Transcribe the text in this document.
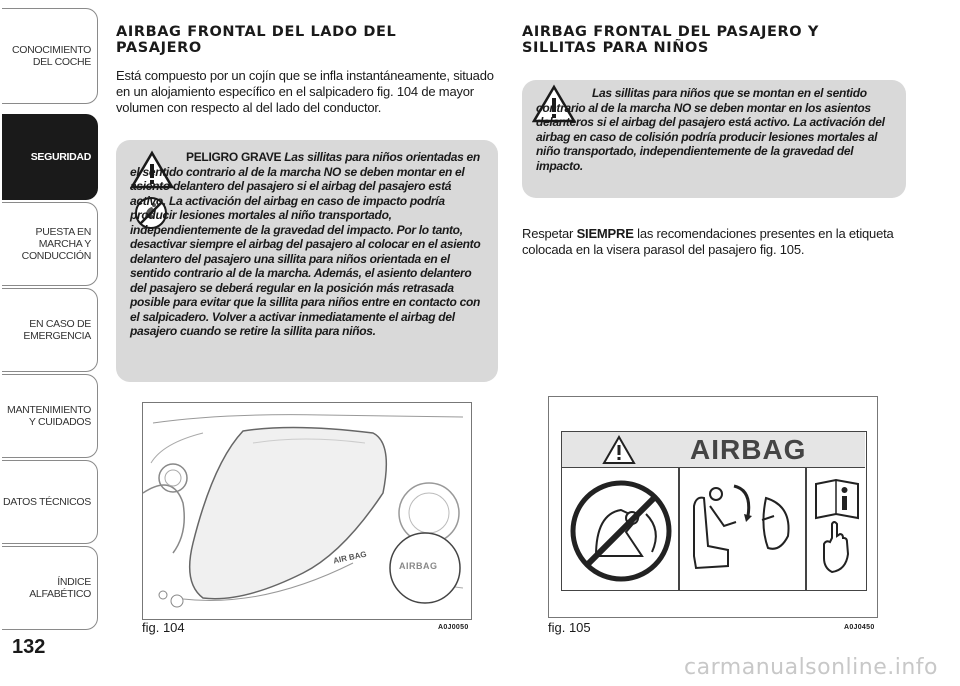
CONOCIMIENTO DEL COCHE
SEGURIDAD
PUESTA EN MARCHA Y CONDUCCIÓN
EN CASO DE EMERGENCIA
MANTENIMIENTO Y CUIDADOS
DATOS TÉCNICOS
ÍNDICE ALFABÉTICO
132
AIRBAG FRONTAL DEL LADO DEL PASAJERO
Está compuesto por un cojín que se infla instantáneamente, situado en un alojamiento específico en el salpicadero fig. 104 de mayor volumen con respecto al del lado del conductor.
PELIGRO GRAVE Las sillitas para niños orientadas en el sentido contrario al de la marcha NO se deben montar en el asiento delantero del pasajero si el airbag del pasajero está activo. La activación del airbag en caso de impacto podría producir lesiones mortales al niño transportado, independientemente de la gravedad del impacto. Por lo tanto, desactivar siempre el airbag del pasajero al colocar en el asiento delantero del pasajero una sillita para niños orientada en el sentido contrario al de la marcha. Además, el asiento delantero del pasajero se deberá regular en la posición más retrasada posible para evitar que la sillita para niños entre en contacto con el salpicadero. Volver a activar inmediatamente el airbag del pasajero cuando se retire la sillita para niños.
AIR BAG
AIRBAG
fig. 104	A0J0050
AIRBAG FRONTAL DEL PASAJERO Y SILLITAS PARA NIÑOS
Las sillitas para niños que se montan en el sentido contrario al de la marcha NO se deben montar en los asientos delanteros si el airbag del pasajero está activo. La activación del airbag en caso de colisión podría producir lesiones mortales al niño transportado, independientemente de la gravedad del impacto.
Respetar SIEMPRE las recomendaciones presentes en la etiqueta colocada en la visera parasol del pasajero fig. 105.
AIRBAG
fig. 105	A0J0450
carmanualsonline.info
